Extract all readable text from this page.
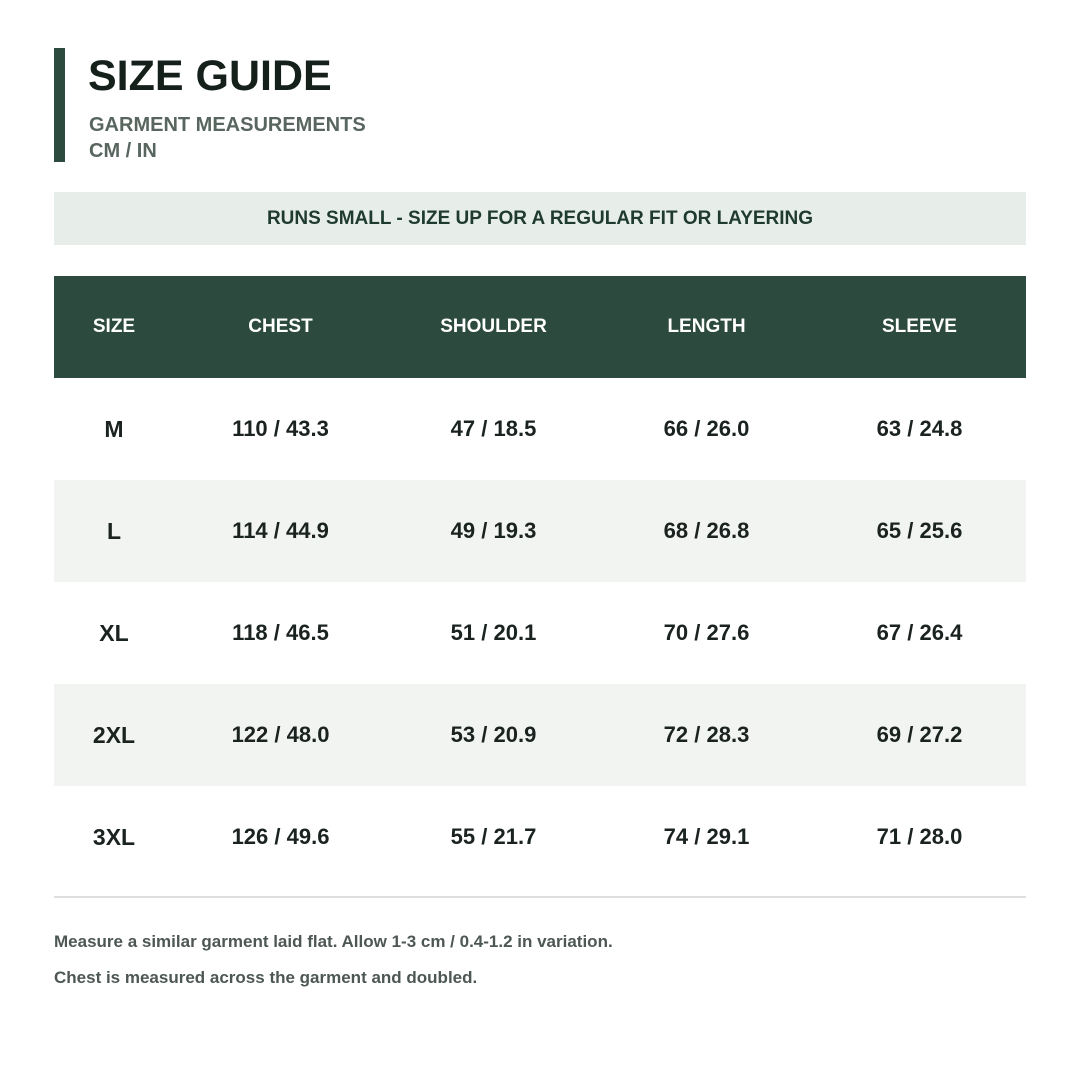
SIZE GUIDE
GARMENT MEASUREMENTS
CM / IN
RUNS SMALL - SIZE UP FOR A REGULAR FIT OR LAYERING
SIZE	CHEST	SHOULDER	LENGTH	SLEEVE
M	110 / 43.3	47 / 18.5	66 / 26.0	63 / 24.8
L	114 / 44.9	49 / 19.3	68 / 26.8	65 / 25.6
XL	118 / 46.5	51 / 20.1	70 / 27.6	67 / 26.4
2XL	122 / 48.0	53 / 20.9	72 / 28.3	69 / 27.2
3XL	126 / 49.6	55 / 21.7	74 / 29.1	71 / 28.0
Measure a similar garment laid flat. Allow 1-3 cm / 0.4-1.2 in variation.
Chest is measured across the garment and doubled.
